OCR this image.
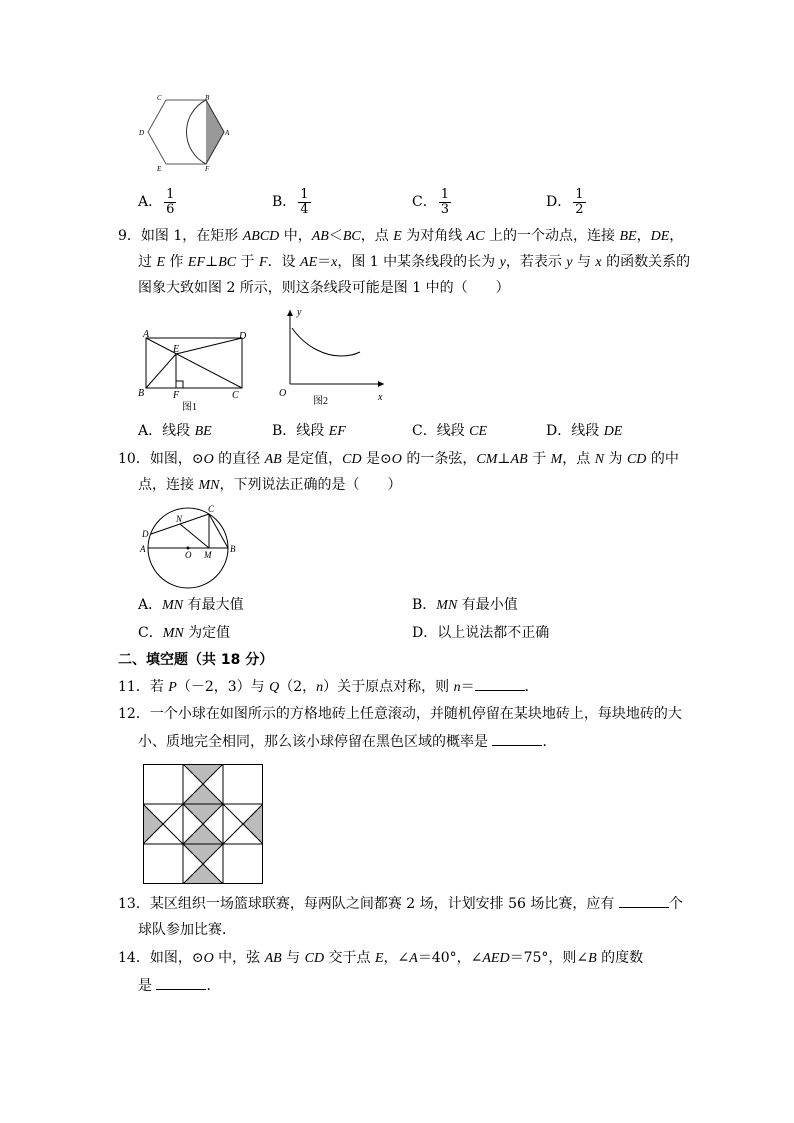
C	B
D	A
E	F
A． $\frac{1}{6}$	B． $\frac{1}{4}$	C． $\frac{1}{3}$	D． $\frac{1}{2}$
9．如图 1，在矩形 ABCD 中，AB＜BC，点 E 为对角线 AC 上的一个动点，连接 BE，DE，
过 E 作 EF⊥BC 于 F．设 AE＝x，图 1 中某条线段的长为 y，若表示 y 与 x 的函数关系的
图象大致如图 2 所示，则这条线段可能是图 1 中的（　　）
A	D
E
B	F	C
图1
y
O	x
图2
A．线段 BE	B．线段 EF	C．线段 CE	D．线段 DE
10．如图，⊙O 的直径 AB 是定值，CD 是⊙O 的一条弦，CM⊥AB 于 M，点 N 为 CD 的中
点，连接 MN，下列说法正确的是（　　）
N
C
D
A
O M
B
A．MN 有最大值	B．MN 有最小值
C．MN 为定值	D．以上说法都不正确
二、填空题（共 18 分）
11．若 P（－2，3）与 Q（2，n）关于原点对称，则 n＝	．
12．一个小球在如图所示的方格地砖上任意滚动，并随机停留在某块地砖上，每块地砖的大
小、质地完全相同，那么该小球停留在黑色区域的概率是	．
13．某区组织一场篮球联赛，每两队之间都赛 2 场，计划安排 56 场比赛，应有	个
球队参加比赛．
14．如图，⊙O 中，弦 AB 与 CD 交于点 E，∠A＝40°，∠AED＝75°，则∠B 的度数
是	．
